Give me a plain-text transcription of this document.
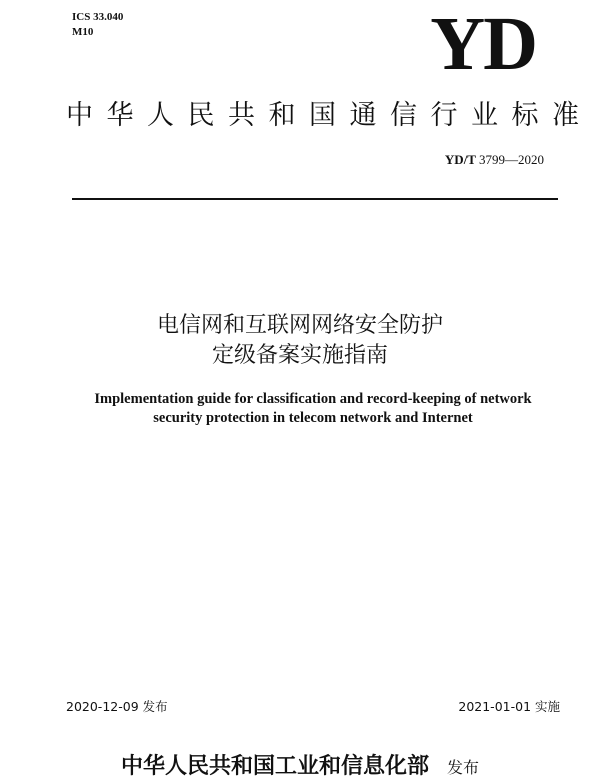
ICS 33.040
M10	YD
中华人民共和国通信行业标准
YD/T 3799—2020
电信网和互联网网络安全防护
定级备案实施指南
Implementation guide for classification and record-keeping of network
security protection in telecom network and Internet
2020-12-09 发布	2021-01-01 实施
中华人民共和国工业和信息化部 发布
